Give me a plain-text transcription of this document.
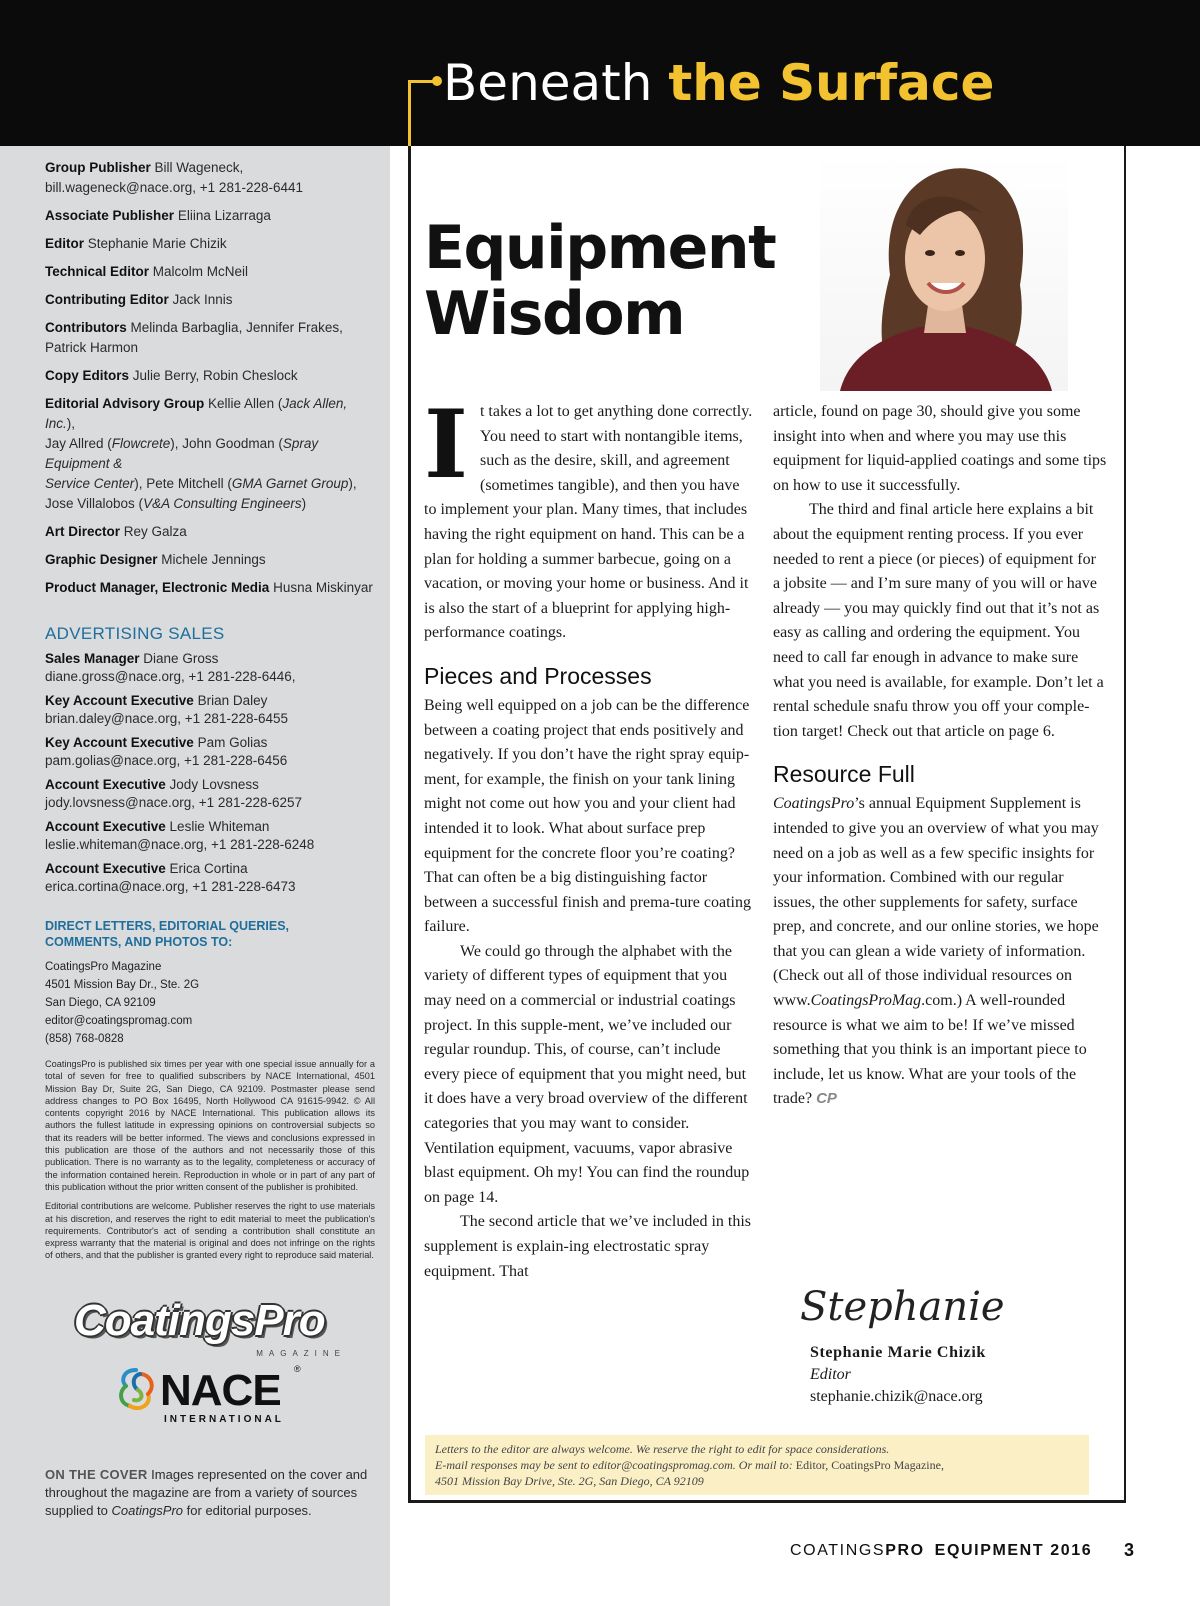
Beneath the Surface
Group Publisher Bill Wageneck,
bill.wageneck@nace.org, +1 281-228-6441
Associate Publisher Eliina Lizarraga
Editor Stephanie Marie Chizik
Technical Editor Malcolm McNeil
Contributing Editor Jack Innis
Contributors Melinda Barbaglia, Jennifer Frakes,
Patrick Harmon
Copy Editors Julie Berry, Robin Cheslock
Editorial Advisory Group Kellie Allen (Jack Allen, Inc.),
Jay Allred (Flowcrete), John Goodman (Spray Equipment &
Service Center), Pete Mitchell (GMA Garnet Group),
Jose Villalobos (V&A Consulting Engineers)
Art Director Rey Galza
Graphic Designer Michele Jennings
Product Manager, Electronic Media Husna Miskinyar
ADVERTISING SALES
Sales Manager Diane Gross
diane.gross@nace.org, +1 281-228-6446,
Key Account Executive Brian Daley
brian.daley@nace.org, +1 281-228-6455
Key Account Executive Pam Golias
pam.golias@nace.org, +1 281-228-6456
Account Executive Jody Lovsness
jody.lovsness@nace.org, +1 281-228-6257
Account Executive Leslie Whiteman
leslie.whiteman@nace.org, +1 281-228-6248
Account Executive Erica Cortina
erica.cortina@nace.org, +1 281-228-6473
DIRECT LETTERS, EDITORIAL QUERIES,
COMMENTS, AND PHOTOS TO:
CoatingsPro Magazine
4501 Mission Bay Dr., Ste. 2G
San Diego, CA 92109
editor@coatingspromag.com
(858) 768-0828
CoatingsPro is published six times per year with one special issue annually for a total of seven for free to qualified subscribers by NACE International, 4501 Mission Bay Dr, Suite 2G, San Diego, CA 92109. Postmaster please send address changes to PO Box 16495, North Hollywood CA 91615-9942. © All contents copyright 2016 by NACE International. This publication allows its authors the fullest latitude in expressing opinions on controversial subjects so that its readers will be better informed. The views and conclusions expressed in this publication are those of the authors and not necessarily those of this publication. There is no warranty as to the legality, completeness or accuracy of the information contained herein. Reproduction in whole or in part of any part of this publication without the prior written consent of the publisher is prohibited.
Editorial contributions are welcome. Publisher reserves the right to use materials at his discretion, and reserves the right to edit material to meet the publication's requirements. Contributor's act of sending a contribution shall constitute an express warranty that the material is original and does not infringe on the rights of others, and that the publisher is granted every right to reproduce said material.
CoatingsPro
MAGAZINE
NACE ®
INTERNATIONAL
ON THE COVER Images represented on the cover and throughout the magazine are from a variety of sources supplied to CoatingsPro for editorial purposes.
Equipment
Wisdom

It takes a lot to get anything done correctly. You need to start with nontangible items, such as the desire, skill, and agreement (sometimes tangible), and then you have to implement your plan. Many times, that includes having the right equipment on hand. This can be a plan for holding a summer barbecue, going on a vacation, or moving your home or business. And it is also the start of a blueprint for applying high-performance coatings.

Pieces and Processes

Being well equipped on a job can be the difference between a coating project that ends positively and negatively. If you don’t have the right spray equip-ment, for example, the finish on your tank lining might not come out how you and your client had intended it to look. What about surface prep equipment for the concrete floor you’re coating? That can often be a big distinguishing factor between a successful finish and prema-ture coating failure.

We could go through the alphabet with the variety of different types of equipment that you may need on a commercial or industrial coatings project. In this supple-ment, we’ve included our regular roundup. This, of course, can’t include every piece of equipment that you might need, but it does have a very broad overview of the different categories that you may want to consider. Ventilation equipment, vacuums, vapor abrasive blast equipment. Oh my! You can find the roundup on page 14.

The second article that we’ve included in this supplement is explain-ing electrostatic spray equipment. That

article, found on page 30, should give you some insight into when and where you may use this equipment for liquid-applied coatings and some tips on how to use it successfully.

The third and final article here explains a bit about the equipment renting process. If you ever needed to rent a piece (or pieces) of equipment for a jobsite — and I’m sure many of you will or have already — you may quickly find out that it’s not as easy as calling and ordering the equipment. You need to call far enough in advance to make sure what you need is available, for example. Don’t let a rental schedule snafu throw you off your comple-tion target! Check out that article on page 6.

Resource Full

CoatingsPro’s annual Equipment Supplement is intended to give you an overview of what you may need on a job as well as a few specific insights for your information. Combined with our regular issues, the other supplements for safety, surface prep, and concrete, and our online stories, we hope that you can glean a wide variety of information. (Check out all of those individual resources on www.CoatingsProMag.com.) A well-rounded resource is what we aim to be! If we’ve missed something that you think is an important piece to include, let us know. What are your tools of the trade? CP

Stephanie
Stephanie Marie Chizik
Editor
stephanie.chizik@nace.org
Letters to the editor are always welcome. We reserve the right to edit for space considerations.
E-mail responses may be sent to editor@coatingspromag.com. Or mail to: Editor, CoatingsPro Magazine,
4501 Mission Bay Drive, Ste. 2G, San Diego, CA 92109
COATINGSPRO EQUIPMENT 2016 3
